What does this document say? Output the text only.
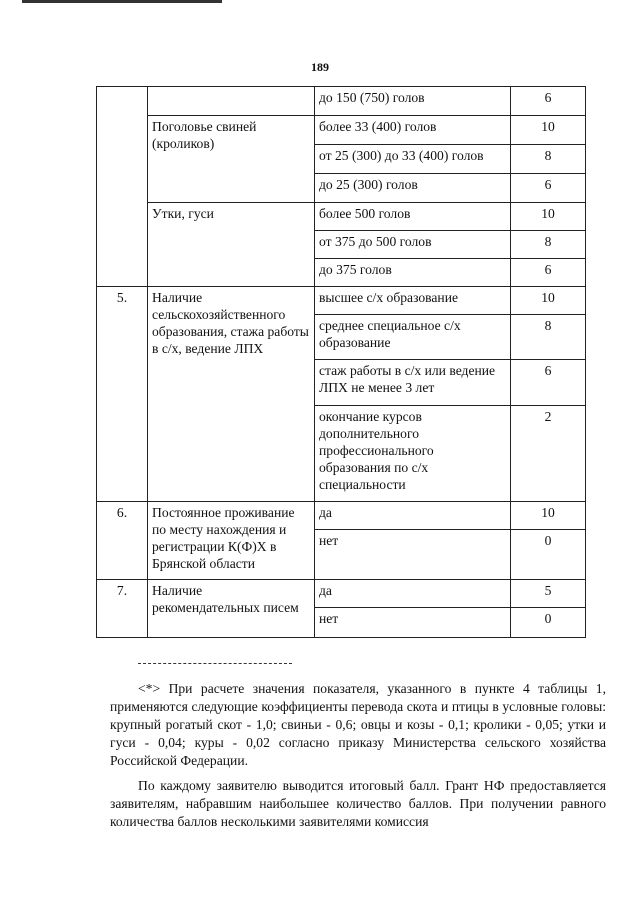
189
		до 150 (750) голов	6
	Поголовье свиней (кроликов)	более 33 (400) голов	10
		от 25 (300) до 33 (400) голов	8
		до 25 (300) голов	6
	Утки, гуси	более 500 голов	10
		от 375 до 500 голов	8
		до 375 голов	6
5.	Наличие сельскохозяйственного образования, стажа работы в с/х, ведение ЛПХ	высшее с/х образование	10
		среднее специальное с/х образование	8
		стаж работы в с/х или ведение ЛПХ не менее 3 лет	6
		окончание курсов дополнительного профессионального образования по с/х специальности	2
6.	Постоянное проживание по месту нахождения и регистрации К(Ф)Х в Брянской области	да	10
		нет	0
7.	Наличие рекомендательных писем	да	5
		нет	0

<*> При расчете значения показателя, указанного в пункте 4 таблицы 1, применяются следующие коэффициенты перевода скота и птицы в условные головы: крупный рогатый скот - 1,0; свиньи - 0,6; овцы и козы - 0,1; кролики - 0,05; утки и гуси - 0,04; куры - 0,02 согласно приказу Министерства сельского хозяйства Российской Федерации.

По каждому заявителю выводится итоговый балл. Грант НФ предоставляется заявителям, набравшим наибольшее количество баллов. При получении равного количества баллов несколькими заявителями комиссия
